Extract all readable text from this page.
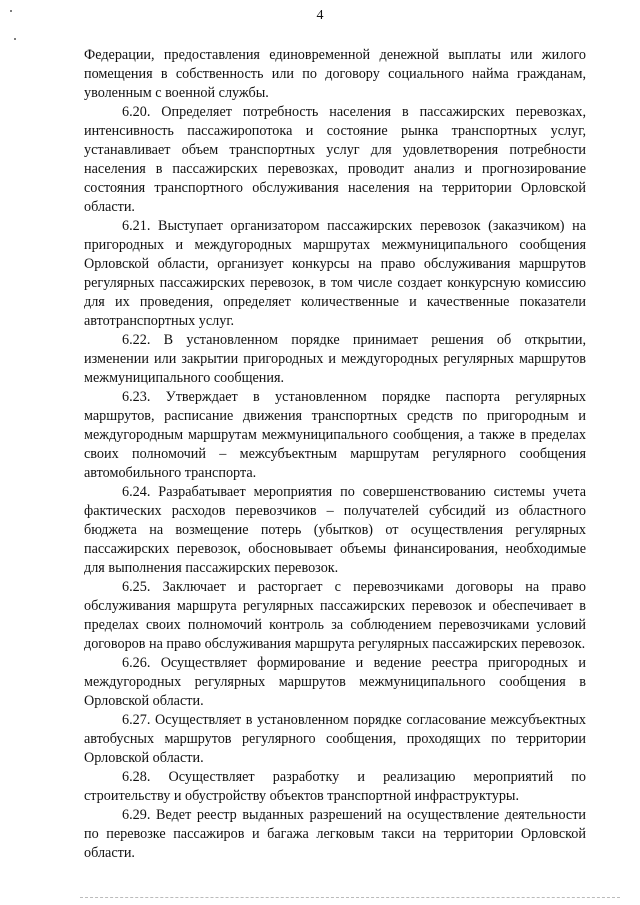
4

Федерации, предоставления единовременной денежной выплаты или жилого помещения в собственность или по договору социального найма гражданам, уволенным с военной службы.

6.20. Определяет потребность населения в пассажирских перевозках, интенсивность пассажиропотока и состояние рынка транспортных услуг, устанавливает объем транспортных услуг для удовлетворения потребности населения в пассажирских перевозках, проводит анализ и прогнозирование состояния транспортного обслуживания населения на территории Орловской области.

6.21. Выступает организатором пассажирских перевозок (заказчиком) на пригородных и междугородных маршрутах межмуниципального сообщения Орловской области, организует конкурсы на право обслуживания маршрутов регулярных пассажирских перевозок, в том числе создает конкурсную комиссию для их проведения, определяет количественные и качественные показатели автотранспортных услуг.

6.22. В установленном порядке принимает решения об открытии, изменении или закрытии пригородных и междугородных регулярных маршрутов межмуниципального сообщения.

6.23. Утверждает в установленном порядке паспорта регулярных маршрутов, расписание движения транспортных средств по пригородным и междугородным маршрутам межмуниципального сообщения, а также в пределах своих полномочий – межсубъектным маршрутам регулярного сообщения автомобильного транспорта.

6.24. Разрабатывает мероприятия по совершенствованию системы учета фактических расходов перевозчиков – получателей субсидий из областного бюджета на возмещение потерь (убытков) от осуществления регулярных пассажирских перевозок, обосновывает объемы финансирования, необходимые для выполнения пассажирских перевозок.

6.25. Заключает и расторгает с перевозчиками договоры на право обслуживания маршрута регулярных пассажирских перевозок и обеспечивает в пределах своих полномочий контроль за соблюдением перевозчиками условий договоров на право обслуживания маршрута регулярных пассажирских перевозок.

6.26. Осуществляет формирование и ведение реестра пригородных и междугородных регулярных маршрутов межмуниципального сообщения в Орловской области.

6.27. Осуществляет в установленном порядке согласование межсубъектных автобусных маршрутов регулярного сообщения, проходящих по территории Орловской области.

6.28. Осуществляет разработку и реализацию мероприятий по строительству и обустройству объектов транспортной инфраструктуры.

6.29. Ведет реестр выданных разрешений на осуществление деятельности по перевозке пассажиров и багажа легковым такси на территории Орловской области.
